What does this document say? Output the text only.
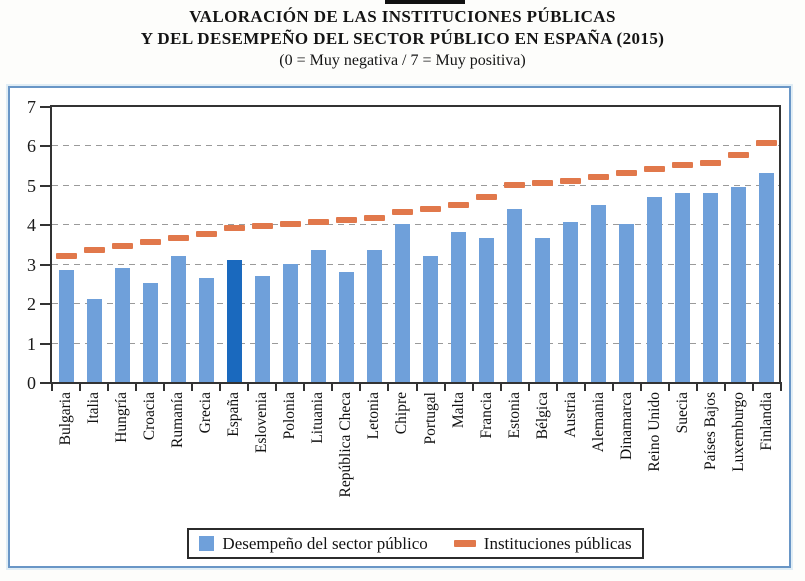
VALORACIÓN DE LAS INSTITUCIONES PÚBLICAS
Y DEL DESEMPEÑO DEL SECTOR PÚBLICO EN ESPAÑA (2015)
(0 = Muy negativa / 7 = Muy positiva)
0
1
2
3
4
5
6
7
Bulgaria Italia Hungría Croacia Rumanía Grecia España Eslovenia Polonia Lituania República Checa Letonia Chipre Portugal Malta Francia Estonia Bélgica Austria Alemania Dinamarca Reino Unido Suecia Países Bajos Luxemburgo Finlandia
Desempeño del sector público	Instituciones públicas
